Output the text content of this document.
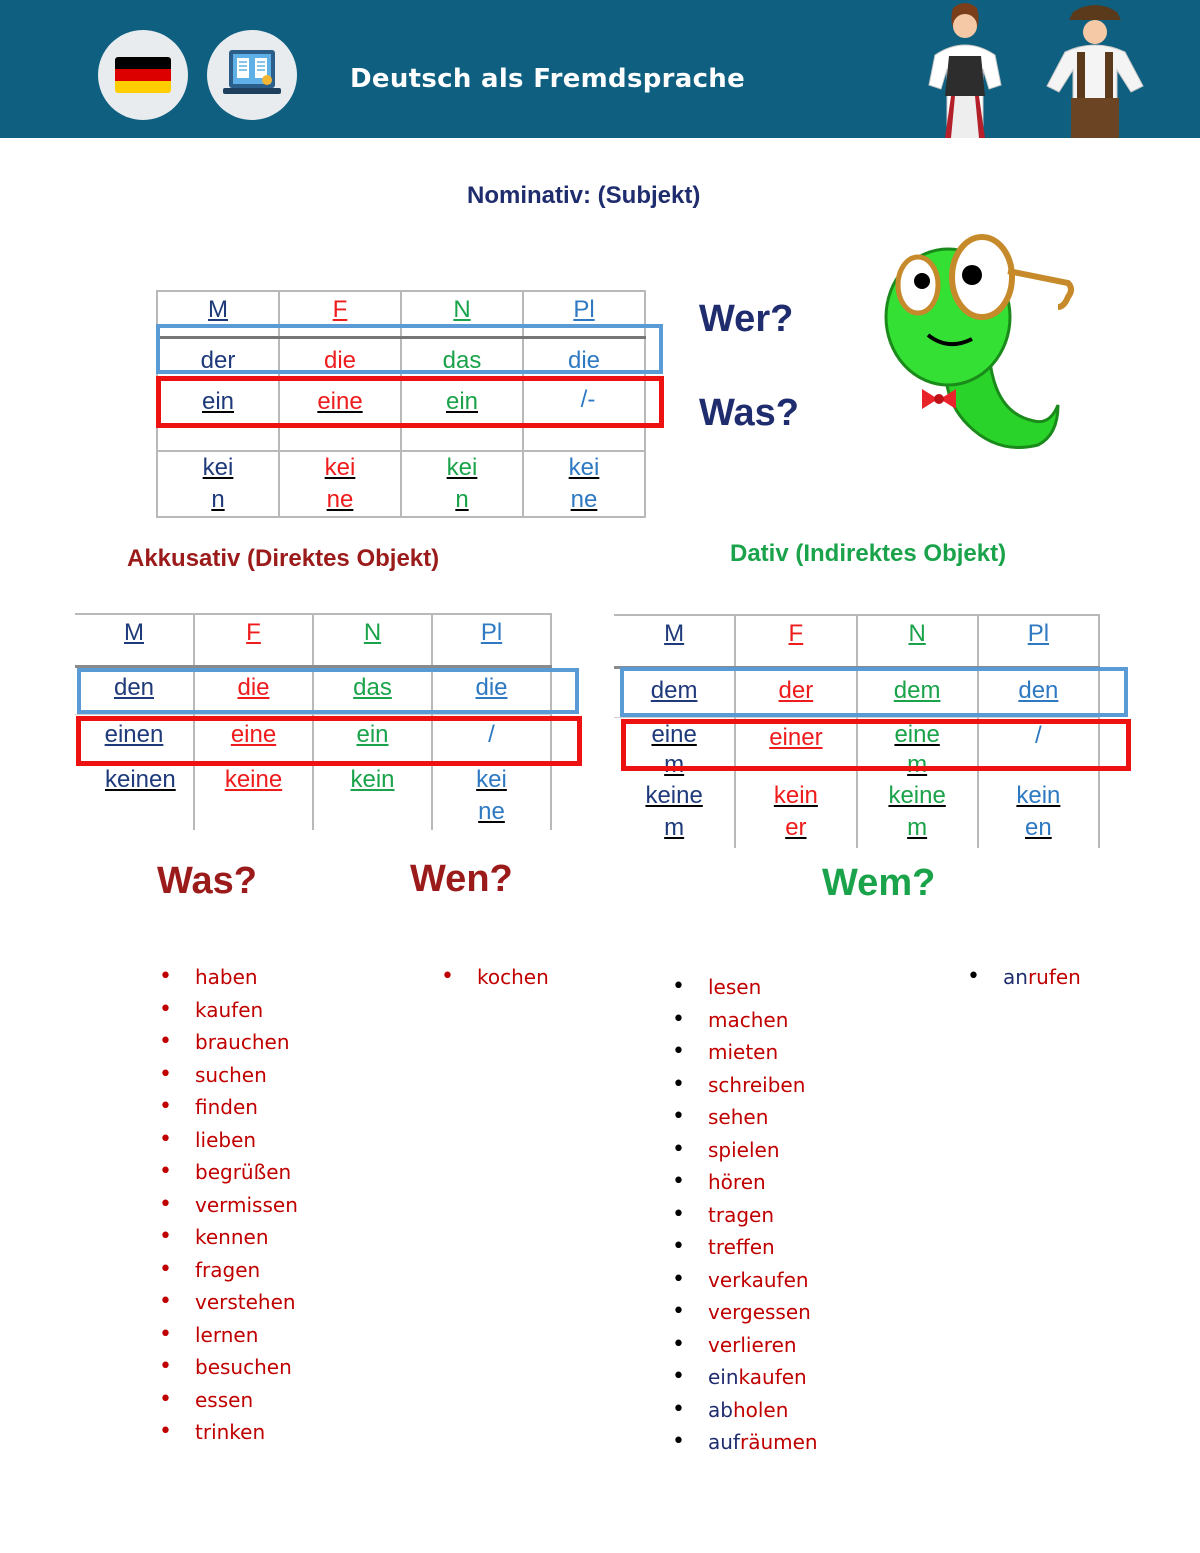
Deutsch als Fremdsprache
Nominativ: (Subjekt)
M	F	N	Pl
der	die	das	die
ein	eine	ein	/-
kein	keine	kein	keine
Wer?
Was?
Akkusativ (Direktes Objekt)
M	F	N	Pl
den	die	das	die
einen	eine	ein	/
keinen	keine	kein	keine
Dativ (Indirektes Objekt)
M	F	N	Pl
dem	der	dem	den
einem	einer	einem	/
keinem	keiner	keinem	keinen
Was?	Wen?	Wem?
• haben
• kaufen
• brauchen
• suchen
• finden
• lieben
• begrüßen
• vermissen
• kennen
• fragen
• verstehen
• lernen
• besuchen
• essen
• trinken
• kochen	• lesen
• machen
• mieten
• schreiben
• sehen
• spielen
• hören
• tragen
• treffen
• verkaufen
• vergessen
• verlieren
• einkaufen
• abholen
• aufräumen
• anrufen
